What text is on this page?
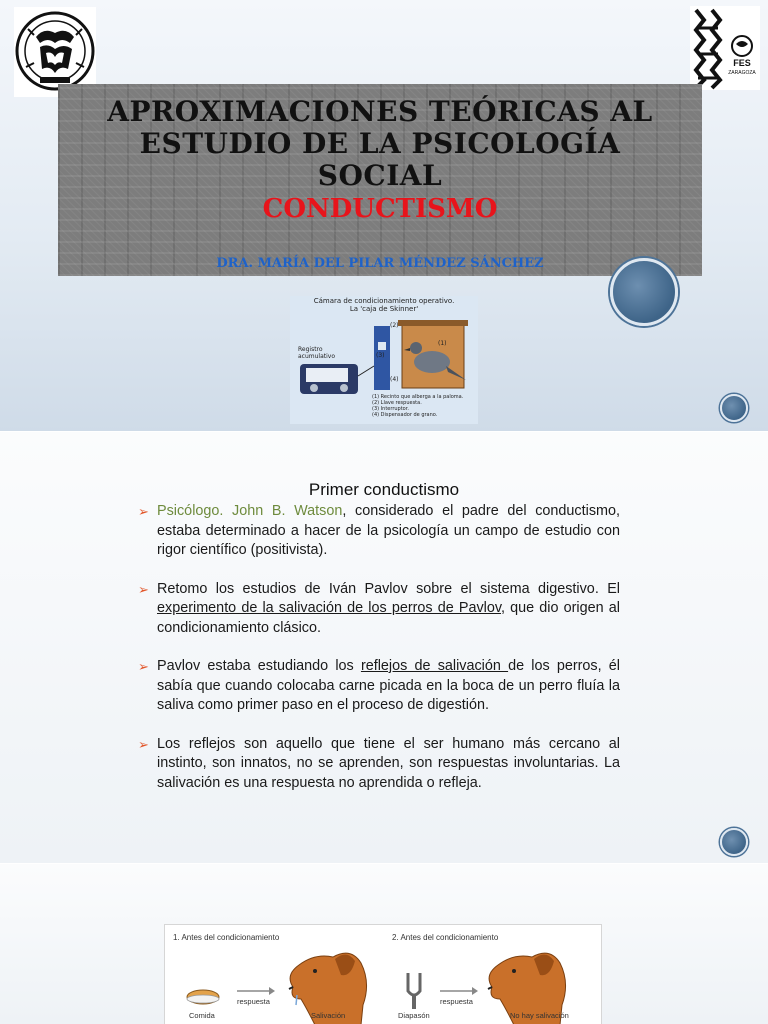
FES
ZARAGOZA
APROXIMACIONES TEÓRICAS AL
ESTUDIO DE LA PSICOLOGÍA
SOCIAL
CONDUCTISMO
DRA. MARÍA DEL PILAR MÉNDEZ SÁNCHEZ
Cámara de condicionamiento operativo.
La 'caja de Skinner'
Registro
acumulativo
(1)
(2)
(3)
(4)
(1) Recinto que alberga a la paloma.
(2) Llave respuesta.
(3) Interruptor.
(4) Dispensador de grano.
Primer conductismo
➢ Psicólogo. John B. Watson, considerado el padre del conductismo, estaba determinado a hacer de la psicología un campo de estudio con rigor científico (positivista).
➢ Retomo los estudios de Iván Pavlov sobre el sistema digestivo. El experimento de la salivación de los perros de Pavlov, que dio origen al condicionamiento clásico.
➢ Pavlov estaba estudiando los reflejos de salivación de los perros, él sabía que cuando colocaba carne picada en la boca de un perro fluía la saliva como primer paso en el proceso de digestión.
➢ Los reflejos son aquello que tiene el ser humano más cercano al instinto, son innatos, no se aprenden, son respuestas involuntarias. La salivación es una respuesta no aprendida o refleja.
1. Antes del condicionamiento
Comida
respuesta
Salivación
2. Antes del condicionamiento
Diapasón
respuesta
No hay salivación
